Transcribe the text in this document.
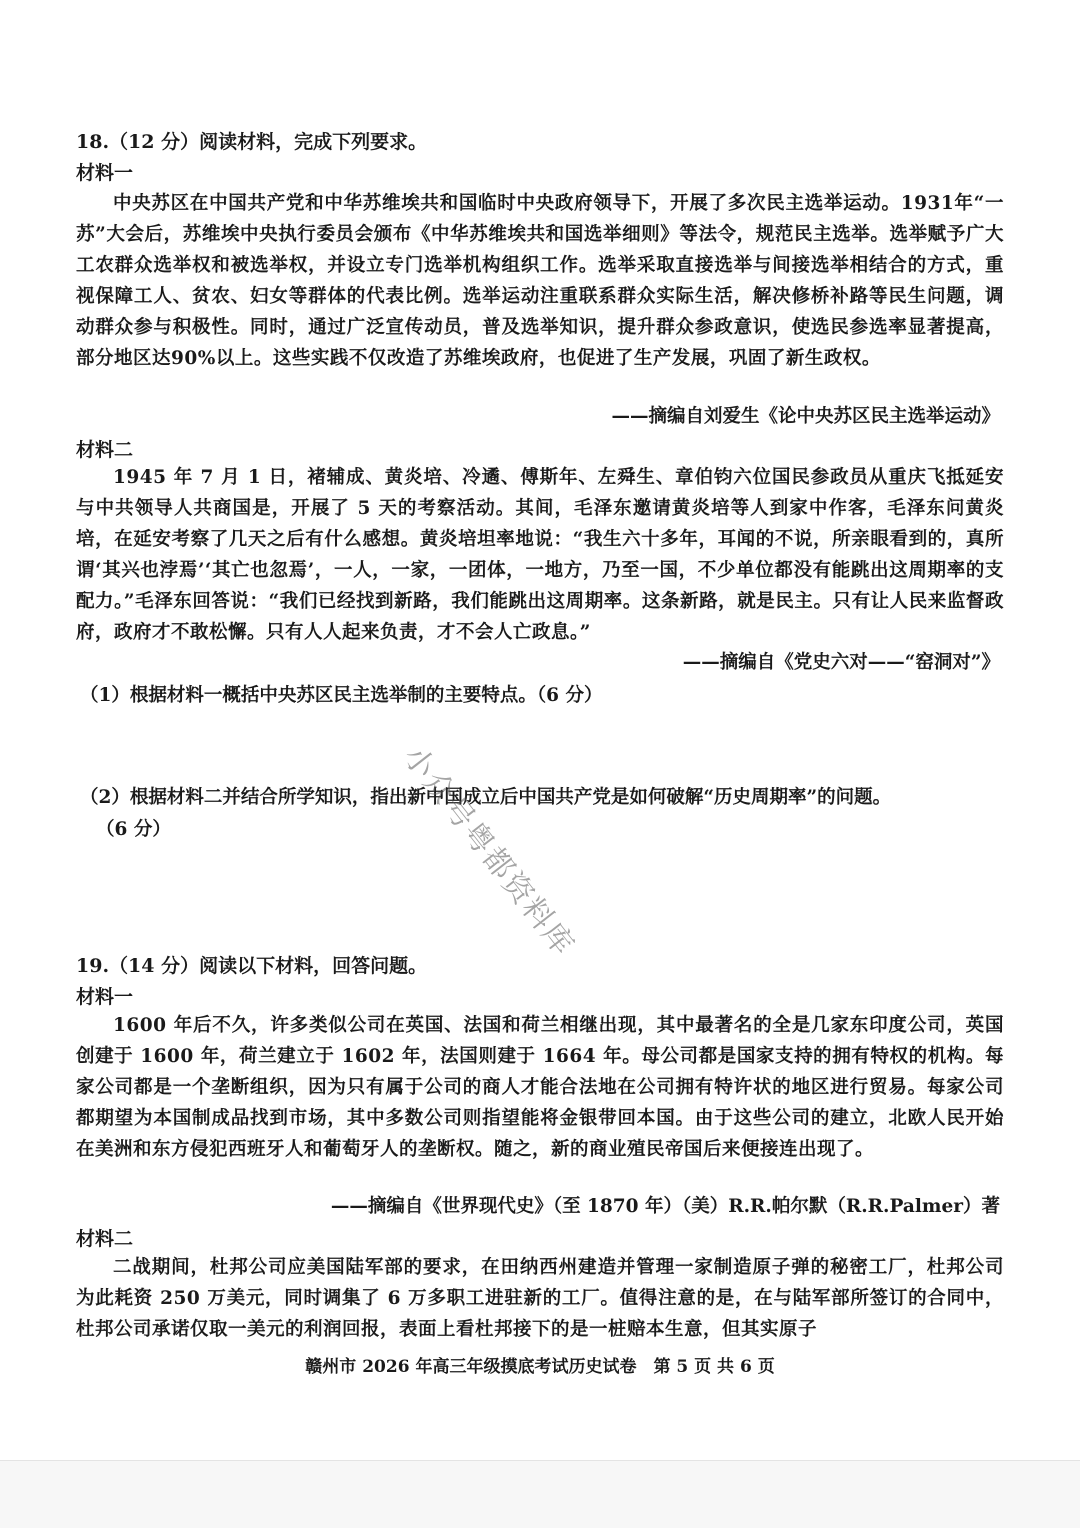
18.（12 分）阅读材料，完成下列要求。
材料一
中央苏区在中国共产党和中华苏维埃共和国临时中央政府领导下，开展了多次民主选举运动。1931年“一苏”大会后，苏维埃中央执行委员会颁布《中华苏维埃共和国选举细则》等法令，规范民主选举。选举赋予广大工农群众选举权和被选举权，并设立专门选举机构组织工作。选举采取直接选举与间接选举相结合的方式，重视保障工人、贫农、妇女等群体的代表比例。选举运动注重联系群众实际生活，解决修桥补路等民生问题，调动群众参与积极性。同时，通过广泛宣传动员，普及选举知识，提升群众参政意识，使选民参选率显著提高，部分地区达90%以上。这些实践不仅改造了苏维埃政府，也促进了生产发展，巩固了新生政权。
——摘编自刘爱生《论中央苏区民主选举运动》
材料二
1945 年 7 月 1 日，褚辅成、黄炎培、冷遹、傅斯年、左舜生、章伯钧六位国民参政员从重庆飞抵延安与中共领导人共商国是，开展了 5 天的考察活动。其间，毛泽东邀请黄炎培等人到家中作客，毛泽东问黄炎培，在延安考察了几天之后有什么感想。黄炎培坦率地说：“我生六十多年，耳闻的不说，所亲眼看到的，真所谓‘其兴也浡焉’‘其亡也忽焉’，一人，一家，一团体，一地方，乃至一国，不少单位都没有能跳出这周期率的支配力。”毛泽东回答说：“我们已经找到新路，我们能跳出这周期率。这条新路，就是民主。只有让人民来监督政府，政府才不敢松懈。只有人人起来负责，才不会人亡政息。”
——摘编自《党史六对——“窑洞对”》
（1）根据材料一概括中央苏区民主选举制的主要特点。（6 分）
（2）根据材料二并结合所学知识，指出新中国成立后中国共产党是如何破解“历史周期率”的问题。
（6 分）
19.（14 分）阅读以下材料，回答问题。
材料一
1600 年后不久，许多类似公司在英国、法国和荷兰相继出现，其中最著名的全是几家东印度公司，英国创建于 1600 年，荷兰建立于 1602 年，法国则建于 1664 年。母公司都是国家支持的拥有特权的机构。每家公司都是一个垄断组织，因为只有属于公司的商人才能合法地在公司拥有特许状的地区进行贸易。每家公司都期望为本国制成品找到市场，其中多数公司则指望能将金银带回本国。由于这些公司的建立，北欧人民开始在美洲和东方侵犯西班牙人和葡萄牙人的垄断权。随之，新的商业殖民帝国后来便接连出现了。
——摘编自《世界现代史》（至 1870 年）（美）R.R.帕尔默（R.R.Palmer）著
材料二
二战期间，杜邦公司应美国陆军部的要求，在田纳西州建造并管理一家制造原子弹的秘密工厂，杜邦公司为此耗资 250 万美元，同时调集了 6 万多职工进驻新的工厂。值得注意的是，在与陆军部所签订的合同中，杜邦公司承诺仅取一美元的利润回报，表面上看杜邦接下的是一桩赔本生意，但其实原子
赣州市 2026 年高三年级摸底考试历史试卷　第 5 页 共 6 页
小众号粤都资料库
